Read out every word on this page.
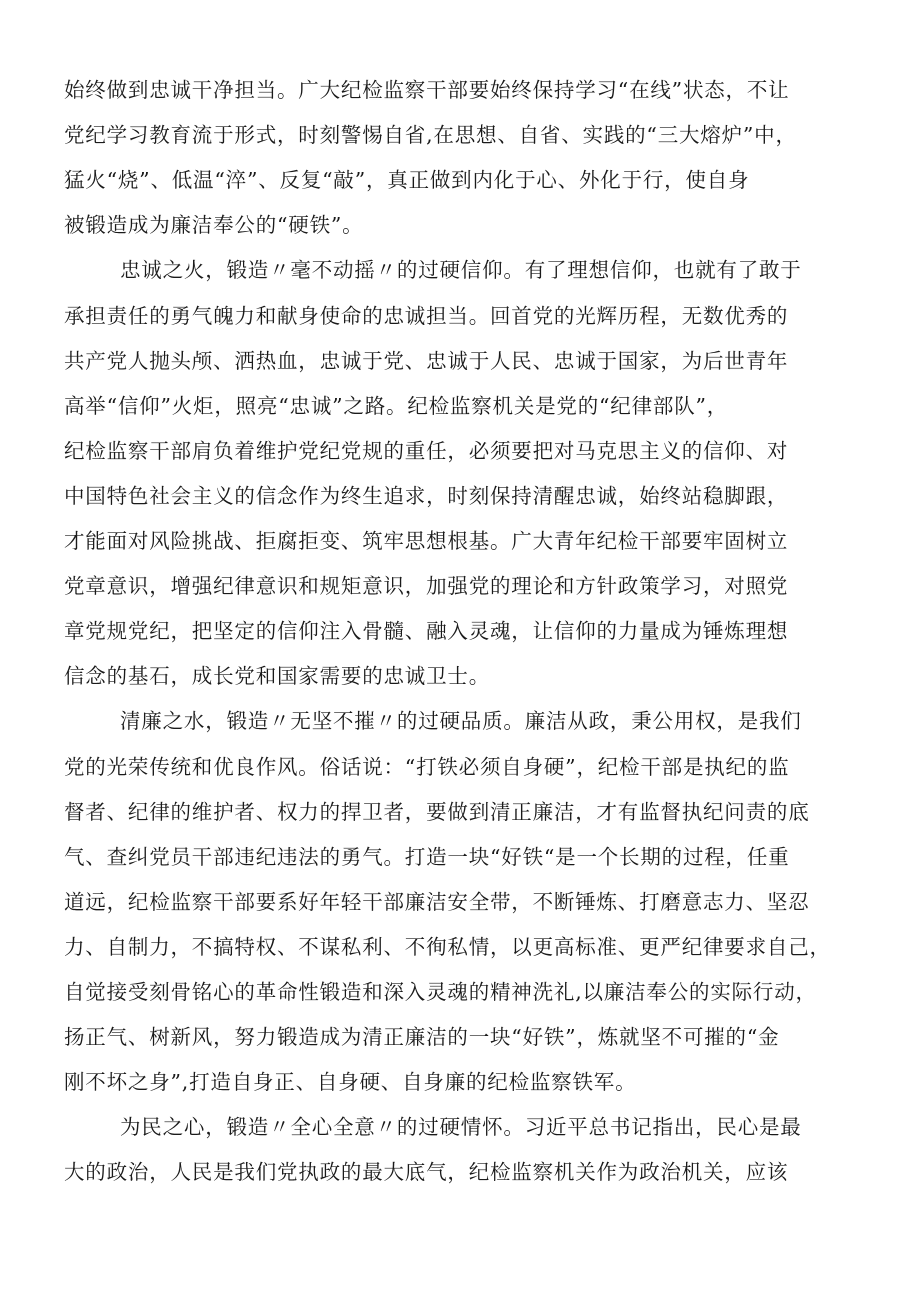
始终做到忠诚干净担当。广大纪检监察干部要始终保持学习“在线”状态，不让
党纪学习教育流于形式，时刻警惕自省,在思想、自省、实践的“三大熔炉”中，
猛火“烧”、低温“淬”、反复“敲”，真正做到内化于心、外化于行，使自身
被锻造成为廉洁奉公的“硬铁”。
忠诚之火，锻造〃毫不动摇〃的过硬信仰。有了理想信仰，也就有了敢于
承担责任的勇气魄力和献身使命的忠诚担当。回首党的光辉历程，无数优秀的
共产党人抛头颅、洒热血，忠诚于党、忠诚于人民、忠诚于国家，为后世青年
高举“信仰”火炬，照亮“忠诚”之路。纪检监察机关是党的“纪律部队”，
纪检监察干部肩负着维护党纪党规的重任，必须要把对马克思主义的信仰、对
中国特色社会主义的信念作为终生追求，时刻保持清醒忠诚，始终站稳脚跟，
才能面对风险挑战、拒腐拒变、筑牢思想根基。广大青年纪检干部要牢固树立
党章意识，增强纪律意识和规矩意识，加强党的理论和方针政策学习，对照党
章党规党纪，把坚定的信仰注入骨髓、融入灵魂，让信仰的力量成为锤炼理想
信念的基石，成长党和国家需要的忠诚卫士。
清廉之水，锻造〃无坚不摧〃的过硬品质。廉洁从政，秉公用权，是我们
党的光荣传统和优良作风。俗话说：“打铁必须自身硬”，纪检干部是执纪的监
督者、纪律的维护者、权力的捍卫者，要做到清正廉洁，才有监督执纪问责的底
气、查纠党员干部违纪违法的勇气。打造一块“好铁“是一个长期的过程，任重
道远，纪检监察干部要系好年轻干部廉洁安全带，不断锤炼、打磨意志力、坚忍
力、自制力，不搞特权、不谋私利、不徇私情，以更高标准、更严纪律要求自己，
自觉接受刻骨铭心的革命性锻造和深入灵魂的精神洗礼,以廉洁奉公的实际行动，
扬正气、树新风，努力锻造成为清正廉洁的一块“好铁”，炼就坚不可摧的“金
刚不坏之身”,打造自身正、自身硬、自身廉的纪检监察铁军。
为民之心，锻造〃全心全意〃的过硬情怀。习近平总书记指出，民心是最
大的政治，人民是我们党执政的最大底气，纪检监察机关作为政治机关，应该
